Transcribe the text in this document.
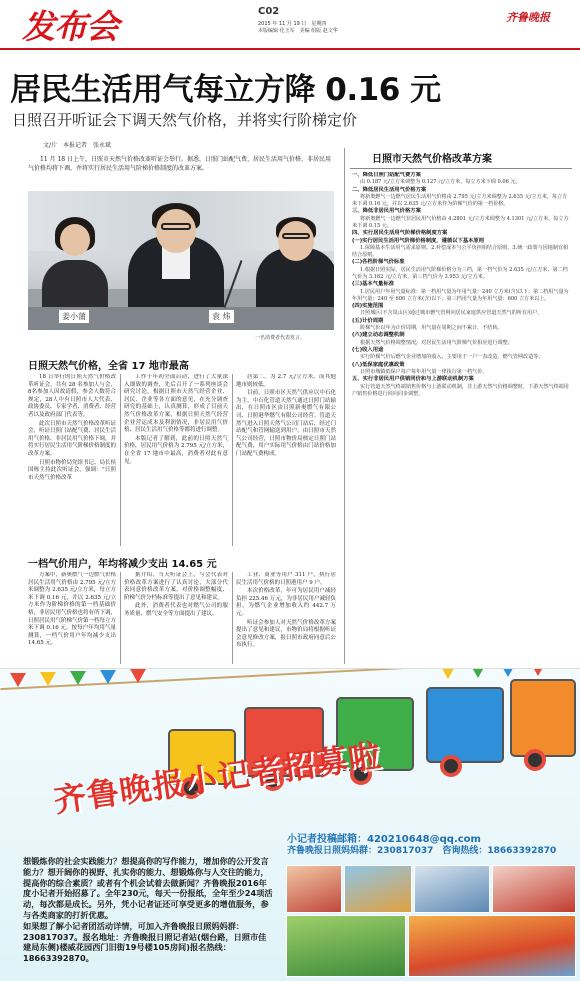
发布会	C02
2015 年 11 月 19 日　星期四
本版编辑 化玉军　美编 组版 赵文华
齐鲁晚报
居民生活用气每立方降 0.16 元
日照召开听证会下调天然气价格，并将实行阶梯定价
文/片　本报记者　张永斌
11 月 18 日上午，日照市天然气价格改革听证会举行。据悉，日照门站配气费、居民生活用气价格、非居民用气价格均将下调，并将实行居民生活用气阶梯价格制度的改革方案。
姜小蒲	袁 炜
一名消费者代表发言。
日照天然气价格，全省 17 地市最高

18 日举行的日照天然气价格改革听证会，共有 28 名参加人与会，8名参加人因故请假，参会人数符合规定，28人中有日照市人大代表、政协委员、专家学者、消费者、经营者以及政府部门代表等。

此次日照市天然气价格改革听证会，听证日照门站配气费、居民生活用气价格、非居民用气价格下调，并将实行居民生活用气阶梯价格制度的改革方案。

日照市物价局党组书记、局长侯国栋主持此次听证会，强调："日照市天然气价格改革

工作于年初全面启动，进行了大量深入细致的调查，先后召开了一系列座谈会研究讨论，根据日照市天然气经营企业、居民、企业等各方面的意见，在充分调查研究的基础上，认真测算，形成了目前天然气价格改革方案，根据日照天然气经营企业营运成本及利润情况，非居民用气价格、居民生活用气价格等都将进行调整。

本版记者了解到，此前的日照天然气价格，居民用气价格为 2.795 元/立方米，在全省 17 地市中最高，消费者对此有意见。

居第二，为 2.7 元/立方米，而其他地市则较低。

目前，日照市区天然气供应以中石化为主，中石化管道天然气通过日照门站输出，在日照市区由日照新奥燃气有限公司、日照港华燃气有限公司经营。管道天然气进入日照天然气公司门站后，经过门站配气和管网输送到用户，由日照市天然气公司经营，日照市物价局核定日照门站配气费，用户实际用气价格由门站价格加门站配气费构成。

一档气价用户，年均将减少支出 14.65 元

方案中，新奥燃气一边燃气价格居民生活用气价格由 2.795 元/立方米调整为 2.635 元/立方米，每立方米下调 0.16 元，并以 2.635 元/立方米作为阶梯价格的第一档基础价格，非居民用气价格也将有所下调，日照居民用气阶梯气价第一档每立方米下调 0.16 元，按每户年均用气量测算，一档气价用户年均减少支出 14.65 元。

据介绍，当天听证会上，与会代表对价格改革方案进行了认真讨论，大部分代表同意价格改革方案，对价格调整幅度、阶梯气价分档标准等提出了意见和建议。

此外，消费者代表也对燃气公司的服务质量、燃气安全等方面提出了建议。

工业、商业等用户 311 户，执行居民生活用气价格的日照港用户 9 户。

本次价格改革，年可为居民用户减轻负担 225.46 万元，为非居民用户减轻负担，为燃气企业增加收入约 442.7 万元。

听证会参加人对天然气价格改革方案提出了意见和建议，市物价局将根据听证会意见修改方案，报日照市政府同意后公布执行。

日照市天然气价格改革方案
一、降低日照门站配气费方案
由 0.187 元/立方米调整为 0.127 元/立方米，每立方米下调 0.06 元。
二、降低居民生活用气价格方案
将新奥燃气一边燃气居民生活用气价格由 2.795 元/立方米调整为 2.635 元/立方米，每立方米下调 0.16 元，并以 2.635 元/立方米作为阶梯气价的第一档价格。
三、降低非居民用气价格方案
将新奥燃气一边燃气非居民用气价格由 4.2801 元/立方米调整为 4.1301 元/立方米，每立方米下调 0.15 元。
四、实行居民生活用气阶梯价格制度方案
(一)实行居民生活用气阶梯价格制度，遵循以下基本原则
1.保障基本生活用气需求原则。2.补偿成本与公平负担相结合原则。3.统一政策与因地制宜相结合原则。
(二)各档阶梯气价标准
1.根据日照实际，居民生活用气阶梯价格分为三档，第一档气价为 2.635 元/立方米，第二档气价为 3.162 元/立方米，第三档气价为 3.953 元/立方米。
(三)基本气量标准
1.居民用户年用气量标准：第一档用气量为年用气量：240 立方米(含)以下；第二档用气量为年用气量：240 至 600 立方米(含)以下；第三档用气量为年用气量：600 立方米以上。
(四)实施范围
日照城区(不含岚山区)通过城市燃气管网向居民家庭供应管道天然气的所有用户。
(五)计价周期
阶梯气价以年为计价周期，用气量在周期之间不累计、不结转。
(六)建立动态调整机制
根据天然气价格调整情况，对居民生活用气阶梯气价相应进行调整。
(七)收入用途
实行阶梯气价后燃气企业增加的收入，主要用于一户一表改造、燃气管网改造等。
(八)低保家庭优惠政策
日照市城镇低保户每户每年用气量一律执行第一档气价。
五、实行非居民用户供销同价和与上游联动机制方案
实行管道天然气终端销售价格与上游联动机制，非上游天然气价格调整时，下游天然气终端用户销售价格进行同向同步调整。
齐鲁晚报小记者招募啦
小记者投稿邮箱：420210648@qq.com
齐鲁晚报日照妈妈群：230817037　咨询热线：18663392870
想锻炼你的社会实践能力？想提高你的写作能力，增加你的公开发言能力？想开阔你的视野、扎实你的能力、想锻炼你与人交往的能力，提高你的综合素质？或者有个机会试着去做新闻？齐鲁晚报2016年度小记者开始招募了。全年230元，每天一份报纸，全年至少24项活动，每次都是成长。另外，凭小记者证还可享受更多的增值服务，参与各类商家的打折优惠。
如果想了解小记者团活动详情，可加入齐鲁晚报日照妈妈群：230817037。报名地址：齐鲁晚报日照记者站(烟台路，日照市佳建局东侧)楼威花园西门旧街19号楼105房间)报名热线：18663392870。
